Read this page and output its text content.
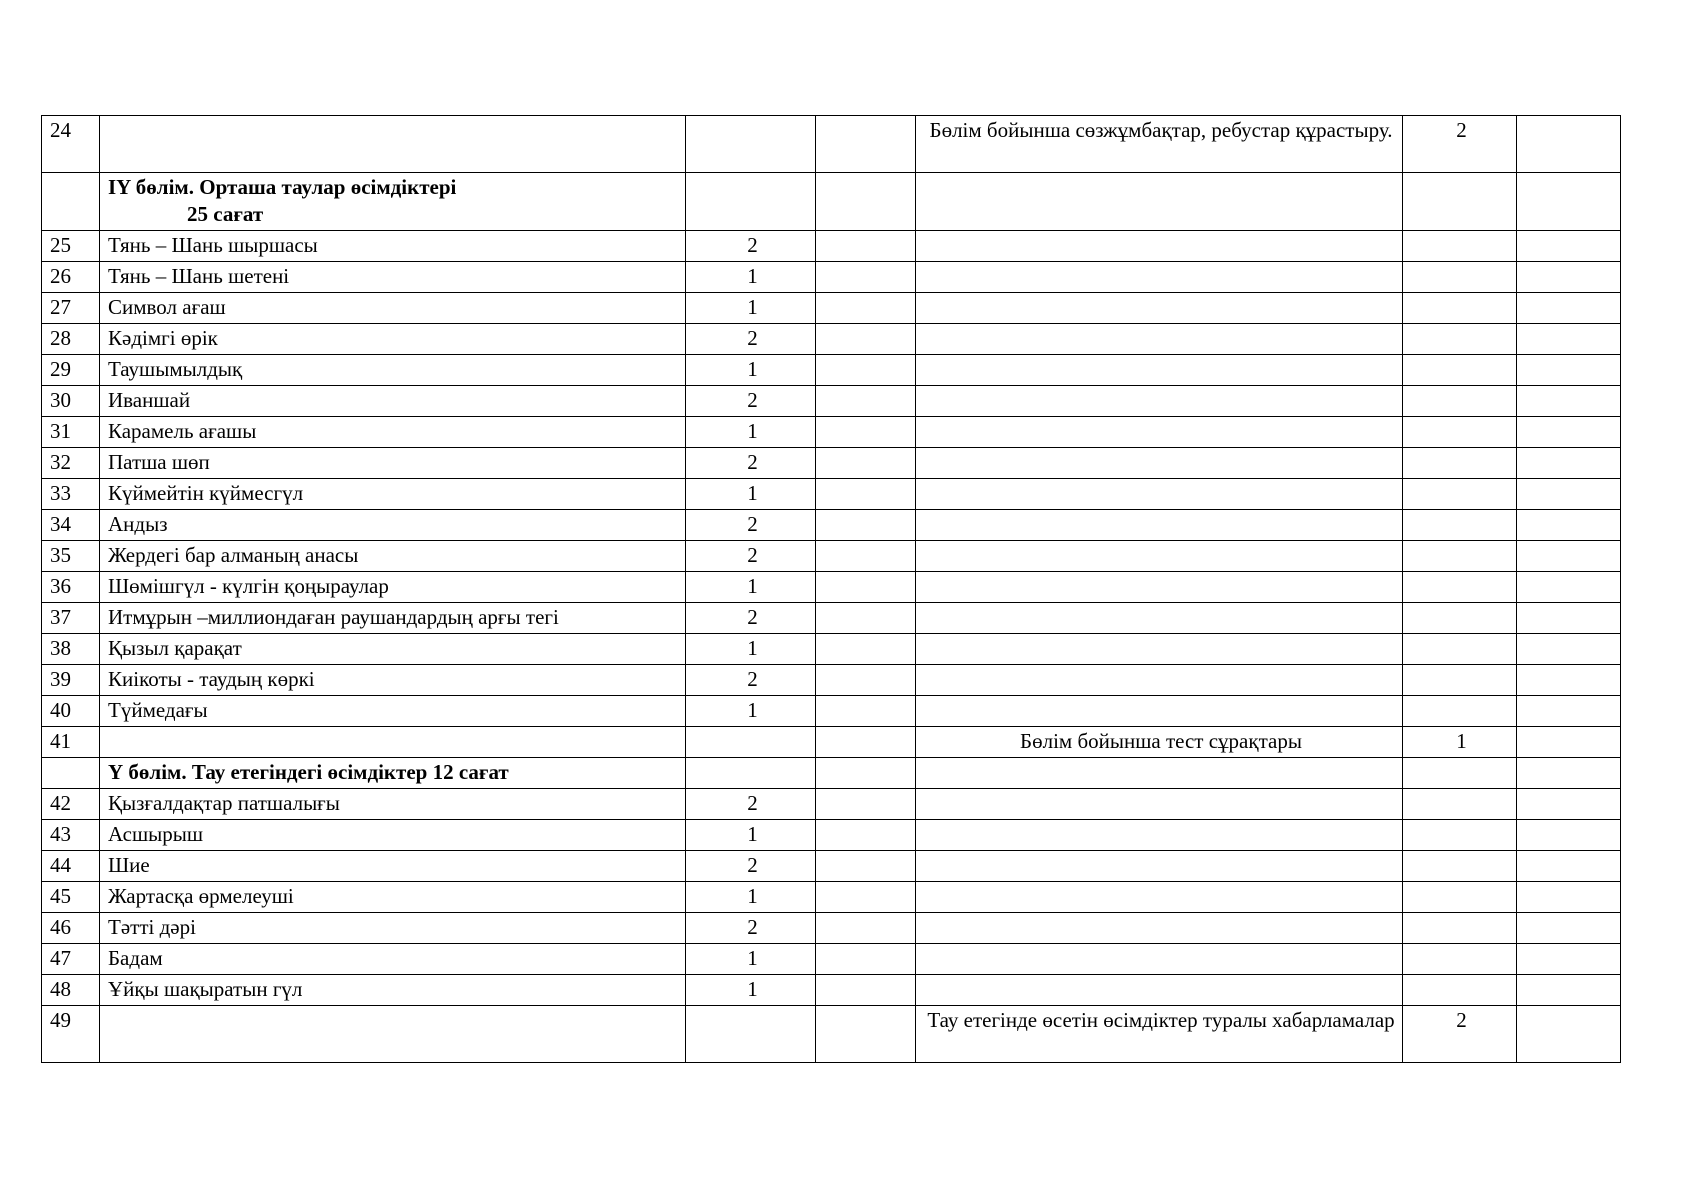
24				Бөлім бойынша сөзжұмбақтар, ребустар құрастыру.	2	

	IY бөлім. Орташа таулар өсімдіктері
25 сағат					

25	Тянь – Шань шыршасы	2				
26	Тянь – Шань шетені	1				
27	Символ ағаш	1				
28	Кәдімгі өрік	2				
29	Таушымылдық	1				
30	Иваншай	2				
31	Карамель ағашы	1				
32	Патша шөп	2				
33	Күймейтін күймесгүл	1				
34	Андыз	2				
35	Жердегі бар алманың анасы	2				
36	Шөмішгүл - күлгін қоңыраулар	1				
37	Итмұрын –миллиондаған раушандардың арғы тегі	2				
38	Қызыл қарақат	1				
39	Киікоты - таудың көркі	2				
40	Түймедағы	1				
41				Бөлім бойынша тест сұрақтары	1	

	Ү бөлім. Тау етегіндегі өсімдіктер 12 сағат					

42	Қызғалдақтар патшалығы	2				
43	Асшырыш	1				
44	Шие	2				
45	Жартасқа өрмелеуші	1				
46	Тәтті дәрі	2				
47	Бадам	1				
48	Ұйқы шақыратын гүл	1				
49				Тау етегінде өсетін өсімдіктер туралы хабарламалар	2	
